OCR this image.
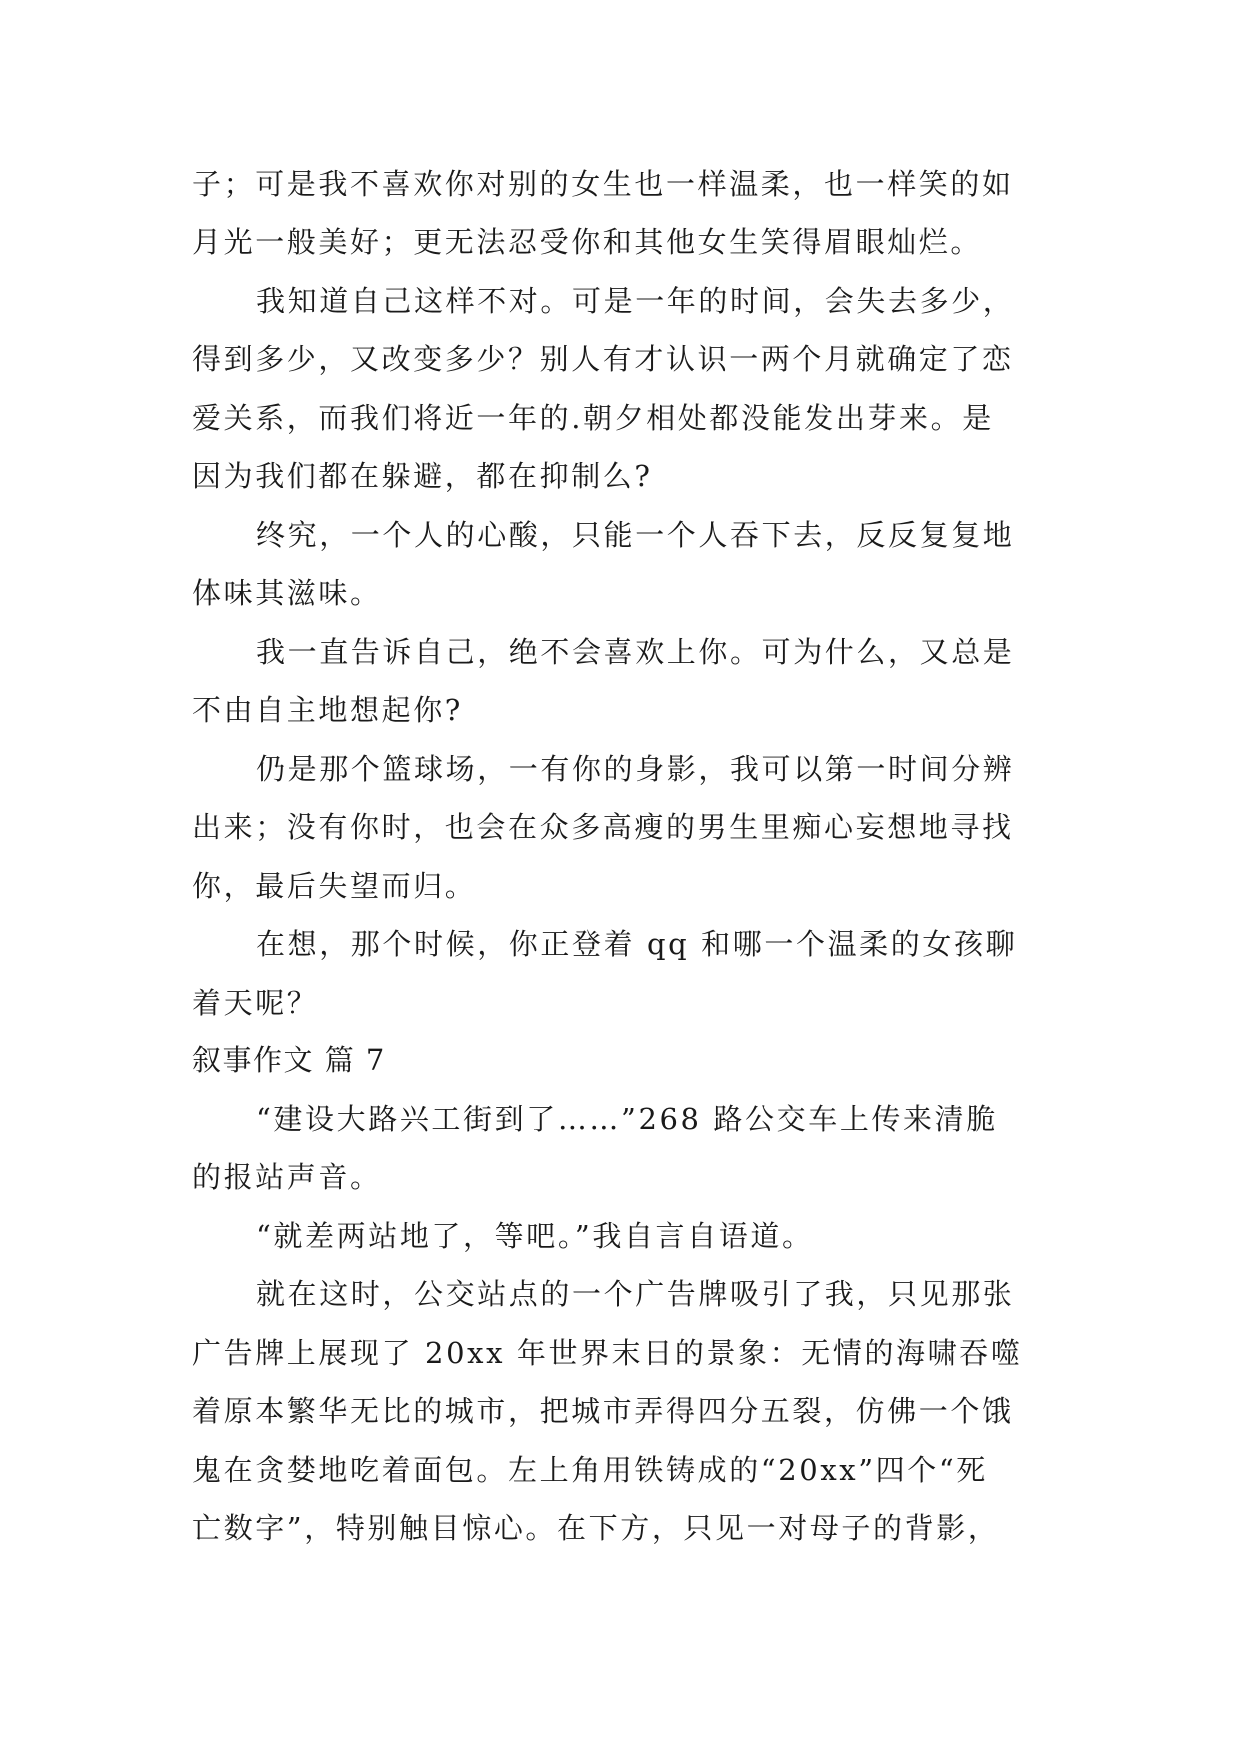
子；可是我不喜欢你对别的女生也一样温柔，也一样笑的如
月光一般美好；更无法忍受你和其他女生笑得眉眼灿烂。
我知道自己这样不对。可是一年的时间，会失去多少，
得到多少，又改变多少？别人有才认识一两个月就确定了恋
爱关系，而我们将近一年的.朝夕相处都没能发出芽来。是
因为我们都在躲避，都在抑制么?
终究，一个人的心酸，只能一个人吞下去，反反复复地
体味其滋味。
我一直告诉自己，绝不会喜欢上你。可为什么，又总是
不由自主地想起你?
仍是那个篮球场，一有你的身影，我可以第一时间分辨
出来；没有你时，也会在众多高瘦的男生里痴心妄想地寻找
你，最后失望而归。
在想，那个时候，你正登着 qq 和哪一个温柔的女孩聊
着天呢？
叙事作文 篇 7
“建设大路兴工街到了……”268 路公交车上传来清脆
的报站声音。
“就差两站地了，等吧。”我自言自语道。
就在这时，公交站点的一个广告牌吸引了我，只见那张
广告牌上展现了 20xx 年世界末日的景象：无情的海啸吞噬
着原本繁华无比的城市，把城市弄得四分五裂，仿佛一个饿
鬼在贪婪地吃着面包。左上角用铁铸成的“20xx”四个“死
亡数字”，特别触目惊心。在下方，只见一对母子的背影，
